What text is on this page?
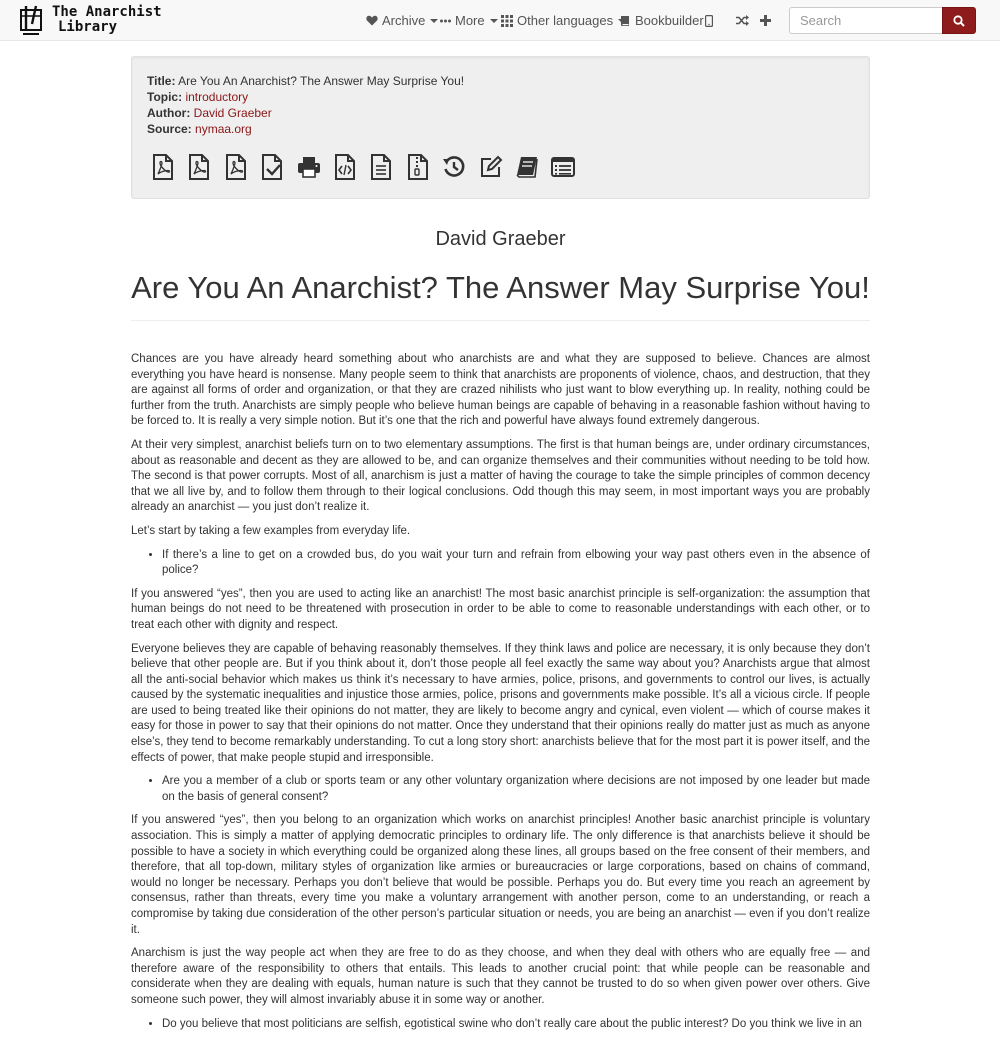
The Anarchist
Library	Archive More Other languages Bookbuilder
Search
Title: Are You An Anarchist? The Answer May Surprise You!
Topic: introductory
Author: David Graeber
Source: nymaa.org
David Graeber
Are You An Anarchist? The Answer May Surprise You!

Chances are you have already heard something about who anarchists are and what they are supposed to believe. Chances are almost everything you have heard is nonsense. Many people seem to think that anarchists are proponents of violence, chaos, and destruction, that they are against all forms of order and organization, or that they are crazed nihilists who just want to blow everything up. In reality, nothing could be further from the truth. Anarchists are simply people who believe human beings are capable of behaving in a reasonable fashion without having to be forced to. It is really a very simple notion. But it’s one that the rich and powerful have always found extremely dangerous.

At their very simplest, anarchist beliefs turn on to two elementary assumptions. The first is that human beings are, under ordinary circumstances, about as reasonable and decent as they are allowed to be, and can organize themselves and their communities without needing to be told how. The second is that power corrupts. Most of all, anarchism is just a matter of having the courage to take the simple principles of common decency that we all live by, and to follow them through to their logical conclusions. Odd though this may seem, in most important ways you are probably already an anarchist — you just don’t realize it.

Let’s start by taking a few examples from everyday life.

• If there’s a line to get on a crowded bus, do you wait your turn and refrain from elbowing your way past others even in the absence of police?

If you answered “yes”, then you are used to acting like an anarchist! The most basic anarchist principle is self-organization: the assumption that human beings do not need to be threatened with prosecution in order to be able to come to reasonable understandings with each other, or to treat each other with dignity and respect.

Everyone believes they are capable of behaving reasonably themselves. If they think laws and police are necessary, it is only because they don’t believe that other people are. But if you think about it, don’t those people all feel exactly the same way about you? Anarchists argue that almost all the anti-social behavior which makes us think it’s necessary to have armies, police, prisons, and governments to control our lives, is actually caused by the systematic inequalities and injustice those armies, police, prisons and governments make possible. It’s all a vicious circle. If people are used to being treated like their opinions do not matter, they are likely to become angry and cynical, even violent — which of course makes it easy for those in power to say that their opinions do not matter. Once they understand that their opinions really do matter just as much as anyone else’s, they tend to become remarkably understanding. To cut a long story short: anarchists believe that for the most part it is power itself, and the effects of power, that make people stupid and irresponsible.

• Are you a member of a club or sports team or any other voluntary organization where decisions are not imposed by one leader but made on the basis of general consent?

If you answered “yes”, then you belong to an organization which works on anarchist principles! Another basic anarchist principle is voluntary association. This is simply a matter of applying democratic principles to ordinary life. The only difference is that anarchists believe it should be possible to have a society in which everything could be organized along these lines, all groups based on the free consent of their members, and therefore, that all top-down, military styles of organization like armies or bureaucracies or large corporations, based on chains of command, would no longer be necessary. Perhaps you don’t believe that would be possible. Perhaps you do. But every time you reach an agreement by consensus, rather than threats, every time you make a voluntary arrangement with another person, come to an understanding, or reach a compromise by taking due consideration of the other person’s particular situation or needs, you are being an anarchist — even if you don’t realize it.

Anarchism is just the way people act when they are free to do as they choose, and when they deal with others who are equally free — and therefore aware of the responsibility to others that entails. This leads to another crucial point: that while people can be reasonable and considerate when they are dealing with equals, human nature is such that they cannot be trusted to do so when given power over others. Give someone such power, they will almost invariably abuse it in some way or another.

• Do you believe that most politicians are selfish, egotistical swine who don’t really care about the public interest? Do you think we live in an
